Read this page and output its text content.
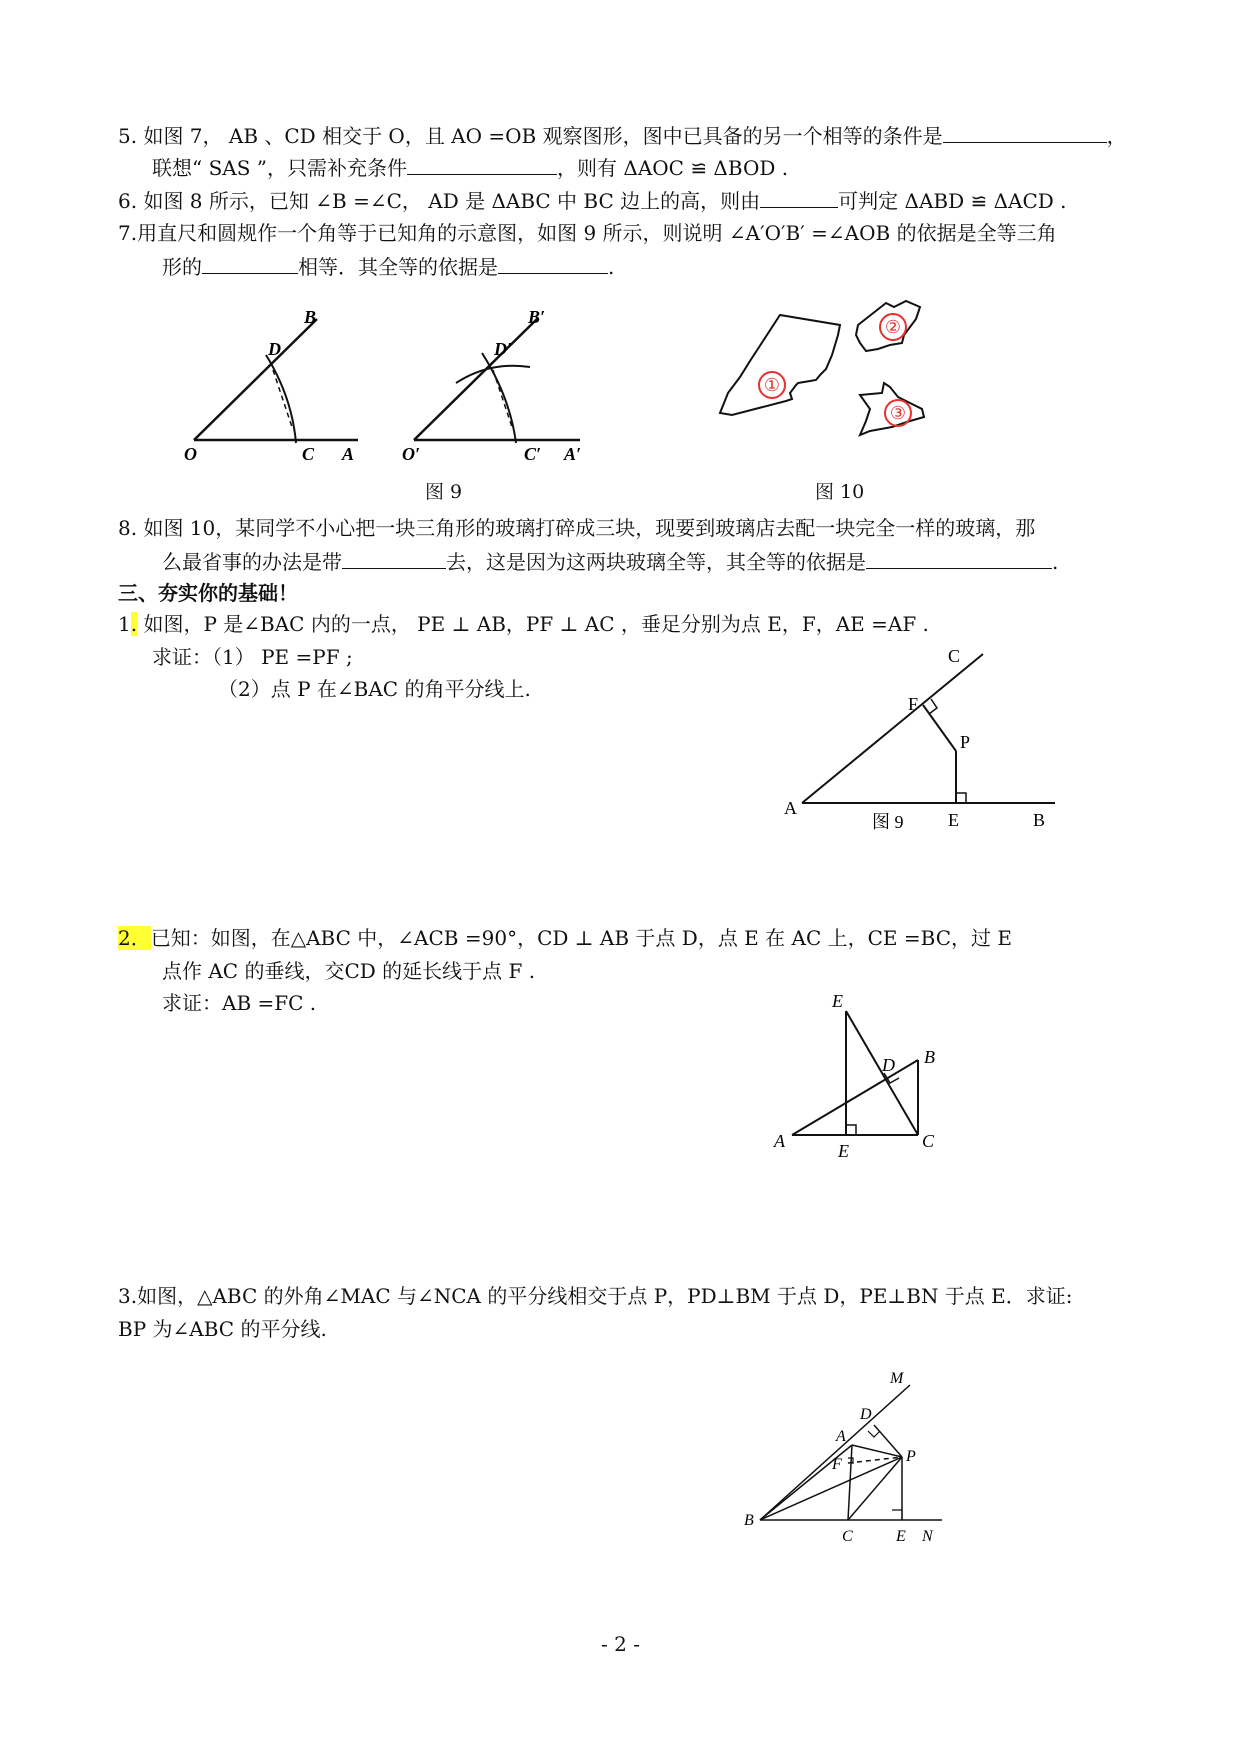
5. 如图 7， AB 、CD 相交于 O，且 AO =OB 观察图形，图中已具备的另一个相等的条件是	，
联想“ SAS ”，只需补充条件	，则有 ΔAOC ≌ ΔBOD .
6. 如图 8 所示，已知 ∠B =∠C， AD 是 ΔABC 中 BC 边上的高，则由	可判定 ΔABD ≌ ΔACD .
7.用直尺和圆规作一个角等于已知角的示意图，如图 9 所示，则说明 ∠A′O′B′ =∠AOB 的依据是全等三角
形的	相等．其全等的依据是	.
B
D
O	C A
B′
D′
O′	C′ A′
①
②
③
图 9	图 10
8. 如图 10，某同学不小心把一块三角形的玻璃打碎成三块，现要到玻璃店去配一块完全一样的玻璃，那
么最省事的办法是带	去，这是因为这两块玻璃全等，其全等的依据是	.
三、夯实你的基础！
1. 如图，P 是∠BAC 内的一点， PE ⊥ AB，PF ⊥ AC ，垂足分别为点 E，F，AE =AF .
求证：（1） PE =PF ;
（2）点 P 在∠BAC 的角平分线上.
C
F
P
A
E	B
图 9
2．已知：如图，在△ABC 中，∠ACB =90°，CD ⊥ AB 于点 D，点 E 在 AC 上，CE =BC，过 E
点作 AC 的垂线，交CD 的延长线于点 F .
求证：AB =FC .	E
D B
A	C
E
3.如图，△ABC 的外角∠MAC 与∠NCA 的平分线相交于点 P，PD⊥BM 于点 D，PE⊥BN 于点 E．求证:
BP 为∠ABC 的平分线.
M
D
A
F	P
B
C	E N
- 2 -
